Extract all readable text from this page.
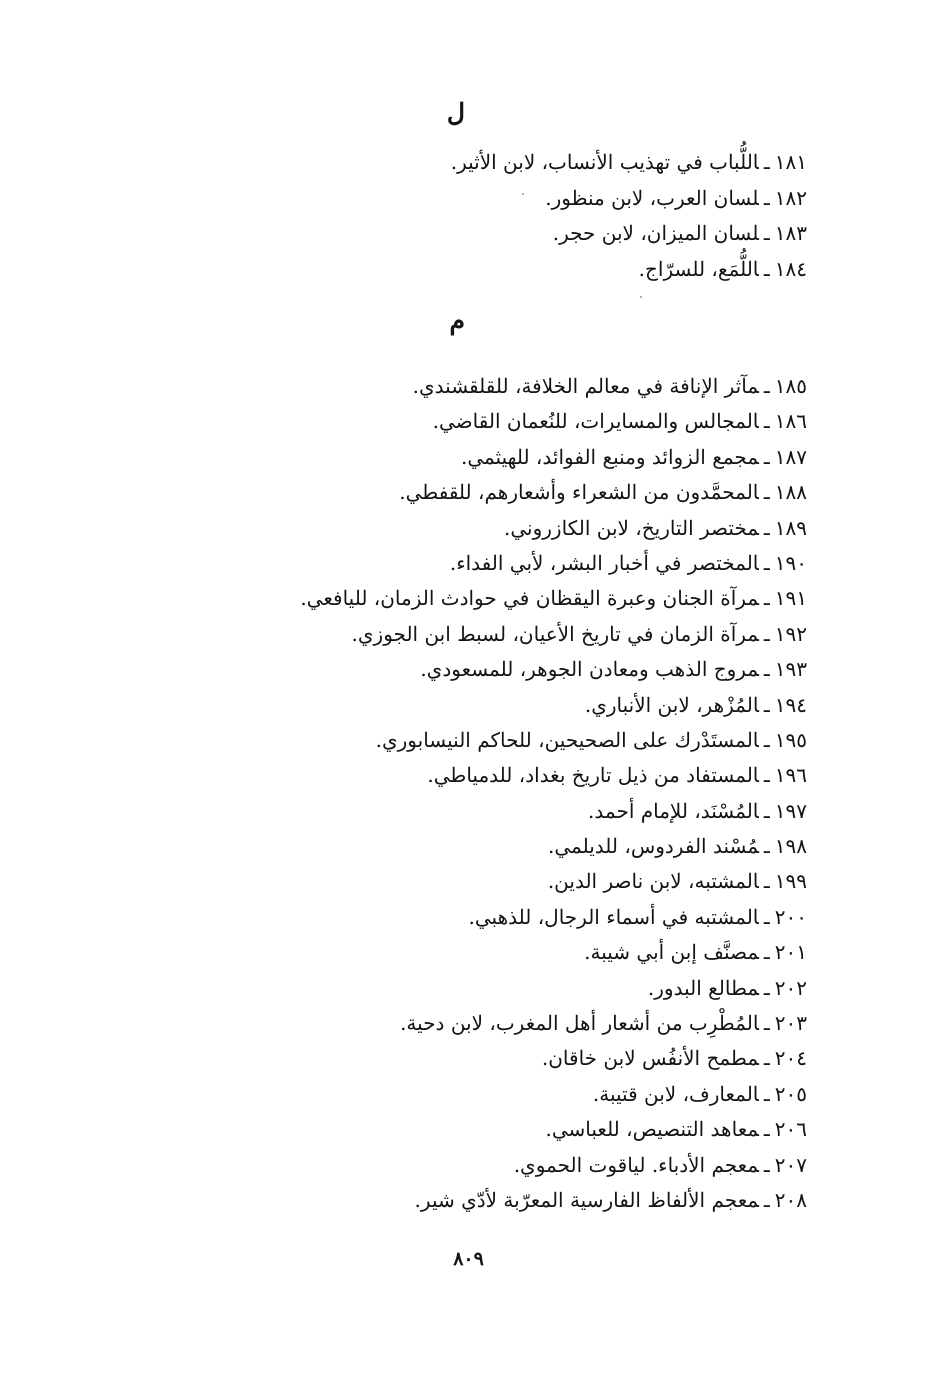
ل
١٨١ـاللُّباب في تهذيب الأنساب، لابن الأثير.
١٨٢ـلسان العرب، لابن منظور.
١٨٣ـلسان الميزان، لابن حجر.
١٨٤ـاللُّمَع، للسرّاج.
م
١٨٥ـمآثر الإنافة في معالم الخلافة، للقلقشندي.
١٨٦ـالمجالس والمسايرات، للنُعمان القاضي.
١٨٧ـمجمع الزوائد ومنبع الفوائد، للهيثمي.
١٨٨ـالمحمَّدون من الشعراء وأشعارهم، للقفطي.
١٨٩ـمختصر التاريخ، لابن الكازروني.
١٩٠ـالمختصر في أخبار البشر، لأبي الفداء.
١٩١ـمرآة الجنان وعبرة اليقظان في حوادث الزمان، لليافعي.
١٩٢ـمرآة الزمان في تاريخ الأعيان، لسبط ابن الجوزي.
١٩٣ـمروج الذهب ومعادن الجوهر، للمسعودي.
١٩٤ـالمُزْهر، لابن الأنباري.
١٩٥ـالمستَدْرك على الصحيحين، للحاكم النيسابوري.
١٩٦ـالمستفاد من ذيل تاريخ بغداد، للدمياطي.
١٩٧ـالمُسْنَد، للإمام أحمد.
١٩٨ـمُسْند الفردوس، للديلمي.
١٩٩ـالمشتبه، لابن ناصر الدين.
٢٠٠ـالمشتبه في أسماء الرجال، للذهبي.
٢٠١ـمصنَّف إبن أبي شيبة.
٢٠٢ـمطالع البدور.
٢٠٣ـالمُطْرِب من أشعار أهل المغرب، لابن دحية.
٢٠٤ـمطمح الأنفُس لابن خاقان.
٢٠٥ـالمعارف، لابن قتيبة.
٢٠٦ـمعاهد التنصيص، للعباسي.
٢٠٧ـمعجم الأدباء. لياقوت الحموي.
٢٠٨ـمعجم الألفاظ الفارسية المعرّبة لأدّي شير.
٨٠٩
